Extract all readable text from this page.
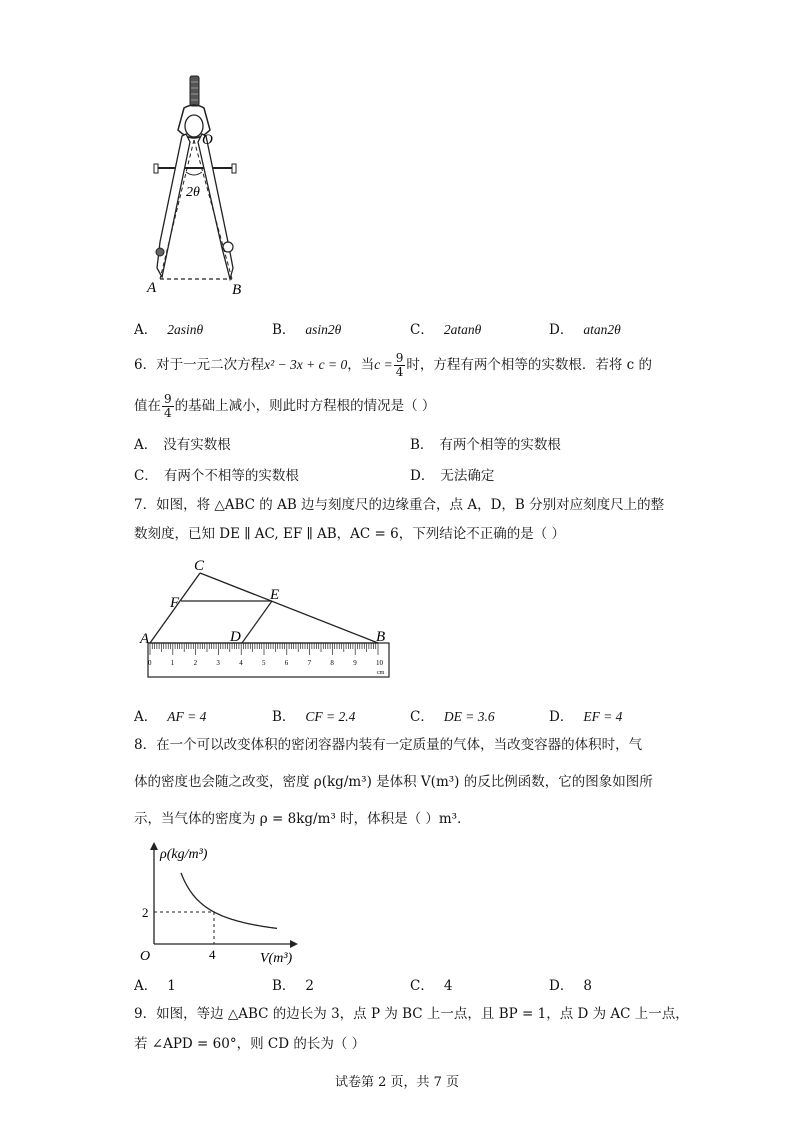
O
2θ
A	B
A． 2asinθ	B． asin2θ	C． 2atanθ	D． atan2θ
6．对于一元二次方程x² − 3x + c = 0，当$c = \frac{9}{4}$ 时，方程有两个相等的实数根．若将 c 的
值在 $\frac{9}{4}$ 的基础上减小，则此时方程根的情况是（ ）
A． 没有实数根	B． 有两个相等的实数根
C． 有两个不相等的实数根	D． 无法确定
7．如图，将 △ABC 的 AB 边与刻度尺的边缘重合，点 A，D，B 分别对应刻度尺上的整
数刻度，已知 DE ∥ AC, EF ∥ AB，AC = 6，下列结论不正确的是（ ）
0	1	2	3	4	5	6	7	8	9	10
cm
C
F	E
A	D	B
A． AF = 4	B． CF = 2.4	C． DE = 3.6	D． EF = 4
8．在一个可以改变体积的密闭容器内装有一定质量的气体，当改变容器的体积时，气
体的密度也会随之改变，密度 ρ(kg/m³) 是体积 V(m³) 的反比例函数，它的图象如图所
示，当气体的密度为 ρ = 8kg/m³ 时，体积是（ ）m³．
ρ(kg/m³)
V(m³)
O
2
4
A． 1	B． 2	C． 4	D． 8
9．如图，等边 △ABC 的边长为 3，点 P 为 BC 上一点，且 BP = 1，点 D 为 AC 上一点，
若 ∠APD = 60°，则 CD 的长为（ ）
试卷第 2 页，共 7 页
